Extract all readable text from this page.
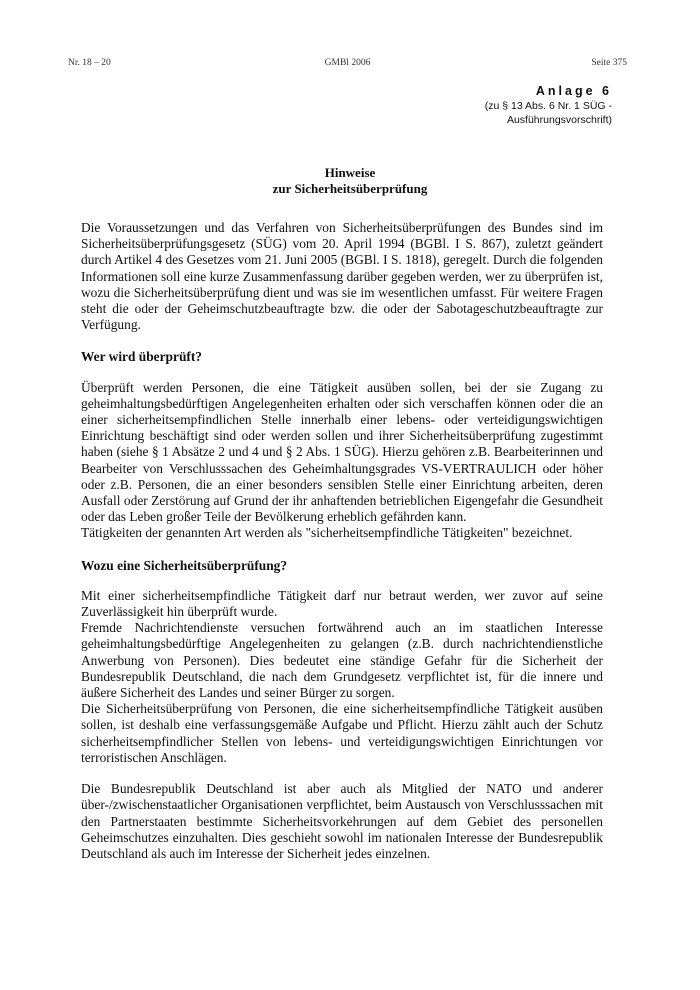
Nr. 18 – 20	GMBl 2006	Seite 375
Anlage 6
(zu § 13 Abs. 6 Nr. 1 SÜG -
Ausführungsvorschrift)
Hinweise
zur Sicherheitsüberprüfung

Die Voraussetzungen und das Verfahren von Sicherheitsüberprüfungen des Bundes sind im Sicherheitsüberprüfungsgesetz (SÜG) vom 20. April 1994 (BGBl. I S. 867), zuletzt geändert durch Artikel 4 des Gesetzes vom 21. Juni 2005 (BGBl. I S. 1818), geregelt. Durch die folgenden Informationen soll eine kurze Zusammenfassung darüber gegeben werden, wer zu überprüfen ist, wozu die Sicherheitsüberprüfung dient und was sie im wesentlichen umfasst. Für weitere Fragen steht die oder der Geheimschutzbeauftragte bzw. die oder der Sabotageschutzbeauftragte zur Verfügung.

Wer wird überprüft?

Überprüft werden Personen, die eine Tätigkeit ausüben sollen, bei der sie Zugang zu geheimhaltungsbedürftigen Angelegenheiten erhalten oder sich verschaffen können oder die an einer sicherheitsempfindlichen Stelle innerhalb einer lebens- oder verteidigungswichtigen Einrichtung beschäftigt sind oder werden sollen und ihrer Sicherheitsüberprüfung zugestimmt haben (siehe § 1 Absätze 2 und 4 und § 2 Abs. 1 SÜG). Hierzu gehören z.B. Bearbeiterinnen und Bearbeiter von Verschlusssachen des Geheimhaltungsgrades VS-VERTRAULICH oder höher oder z.B. Personen, die an einer besonders sensiblen Stelle einer Einrichtung arbeiten, deren Ausfall oder Zerstörung auf Grund der ihr anhaftenden betrieblichen Eigengefahr die Gesundheit oder das Leben großer Teile der Bevölkerung erheblich gefährden kann.

Tätigkeiten der genannten Art werden als "sicherheitsempfindliche Tätigkeiten" bezeichnet.

Wozu eine Sicherheitsüberprüfung?

Mit einer sicherheitsempfindliche Tätigkeit darf nur betraut werden, wer zuvor auf seine Zuverlässigkeit hin überprüft wurde.

Fremde Nachrichtendienste versuchen fortwährend auch an im staatlichen Interesse geheimhaltungsbedürftige Angelegenheiten zu gelangen (z.B. durch nachrichtendienstliche Anwerbung von Personen). Dies bedeutet eine ständige Gefahr für die Sicherheit der Bundesrepublik Deutschland, die nach dem Grundgesetz verpflichtet ist, für die innere und äußere Sicherheit des Landes und seiner Bürger zu sorgen.

Die Sicherheitsüberprüfung von Personen, die eine sicherheitsempfindliche Tätigkeit ausüben sollen, ist deshalb eine verfassungsgemäße Aufgabe und Pflicht. Hierzu zählt auch der Schutz sicherheitsempfindlicher Stellen von lebens- und verteidigungswichtigen Einrichtungen vor terroristischen Anschlägen.

Die Bundesrepublik Deutschland ist aber auch als Mitglied der NATO und anderer über-/zwischenstaatlicher Organisationen verpflichtet, beim Austausch von Verschlusssachen mit den Partnerstaaten bestimmte Sicherheitsvorkehrungen auf dem Gebiet des personellen Geheimschutzes einzuhalten. Dies geschieht sowohl im nationalen Interesse der Bundesrepublik Deutschland als auch im Interesse der Sicherheit jedes einzelnen.
